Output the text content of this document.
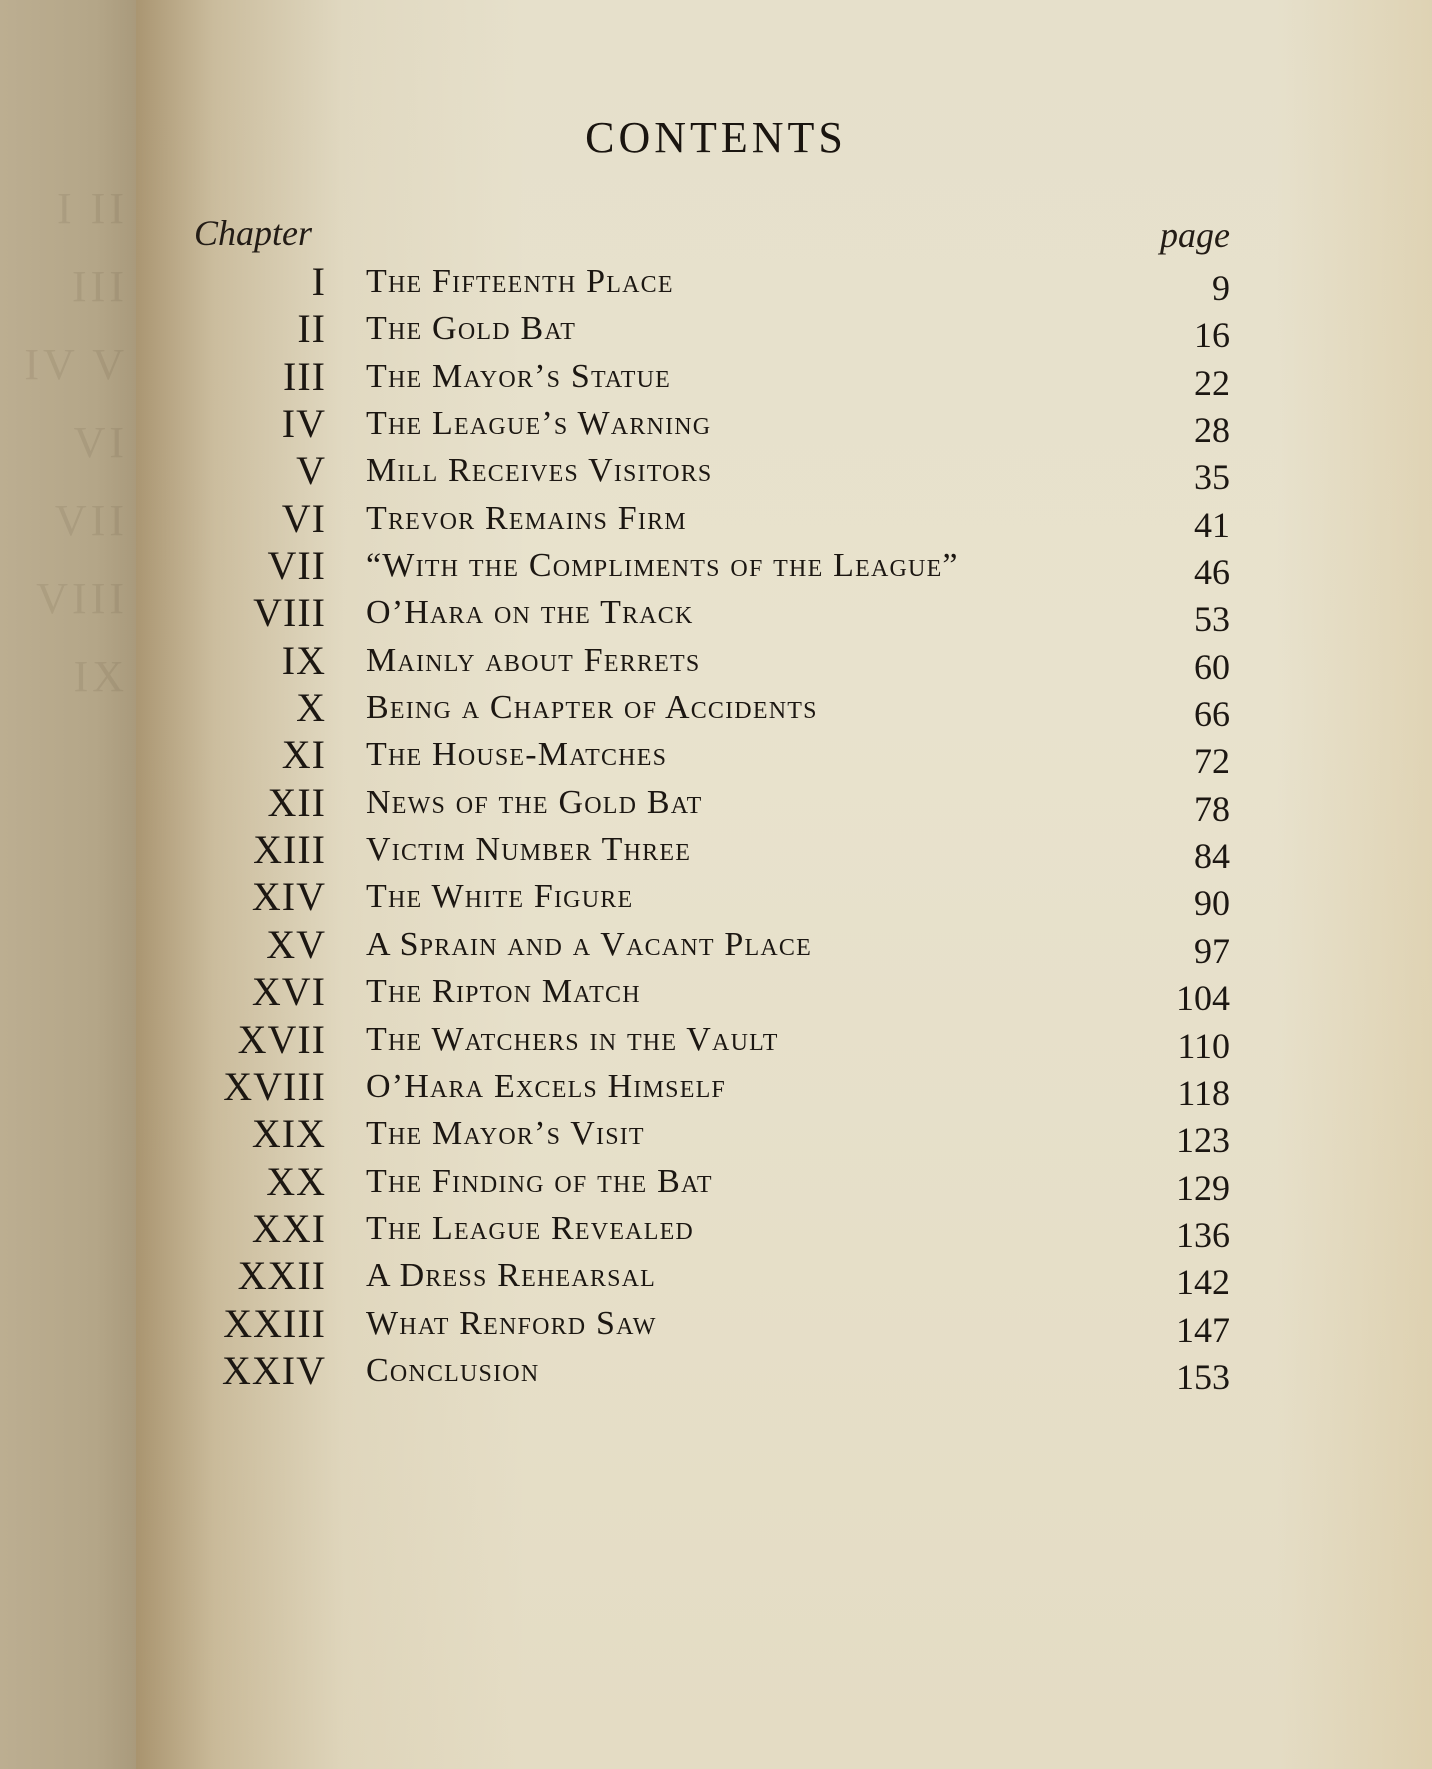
I II III IV V VI VII VIII IX
CONTENTS
Chapter	page
I The Fifteenth Place	9
II The Gold Bat	16
III The Mayor’s Statue	22
IV The League’s Warning	28
V Mill Receives Visitors	35
VI Trevor Remains Firm	41
VII “With the Compliments of the League”	46
VIII O’Hara on the Track	53
IX Mainly about Ferrets	60
X Being a Chapter of Accidents	66
XI The House-Matches	72
XII News of the Gold Bat	78
XIII Victim Number Three	84
XIV The White Figure	90
XV A Sprain and a Vacant Place	97
XVI The Ripton Match	104
XVII The Watchers in the Vault	110
XVIII O’Hara Excels Himself	118
XIX The Mayor’s Visit	123
XX The Finding of the Bat	129
XXI The League Revealed	136
XXII A Dress Rehearsal	142
XXIII What Renford Saw	147
XXIV Conclusion	153
